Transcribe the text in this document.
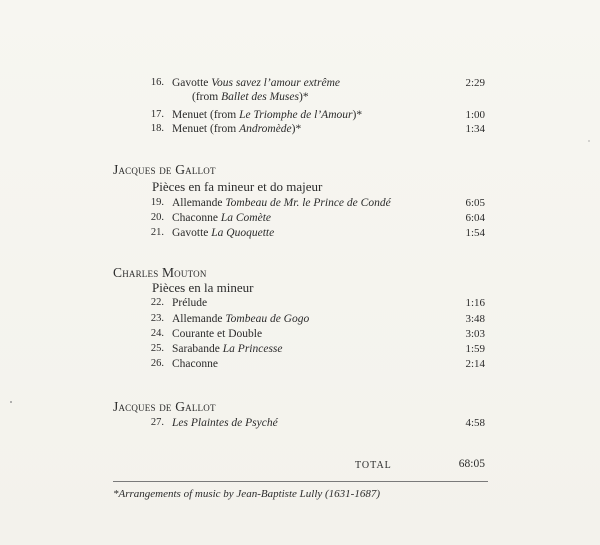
16. Gavotte Vous savez l’amour extrême	2:29
(from Ballet des Muses)*
17. Menuet (from Le Triomphe de l’Amour)*	1:00
18. Menuet (from Andromède)*	1:34
Jacques de Gallot
Pièces en fa mineur et do majeur
19. Allemande Tombeau de Mr. le Prince de Condé	6:05
20. Chaconne La Comète	6:04
21. Gavotte La Quoquette	1:54
Charles Mouton
Pièces en la mineur
22. Prélude	1:16
23. Allemande Tombeau de Gogo	3:48
24. Courante et Double	3:03
25. Sarabande La Princesse	1:59
26. Chaconne	2:14
Jacques de Gallot
27. Les Plaintes de Psyché	4:58
TOTAL	68:05
*Arrangements of music by Jean-Baptiste Lully (1631-1687)
